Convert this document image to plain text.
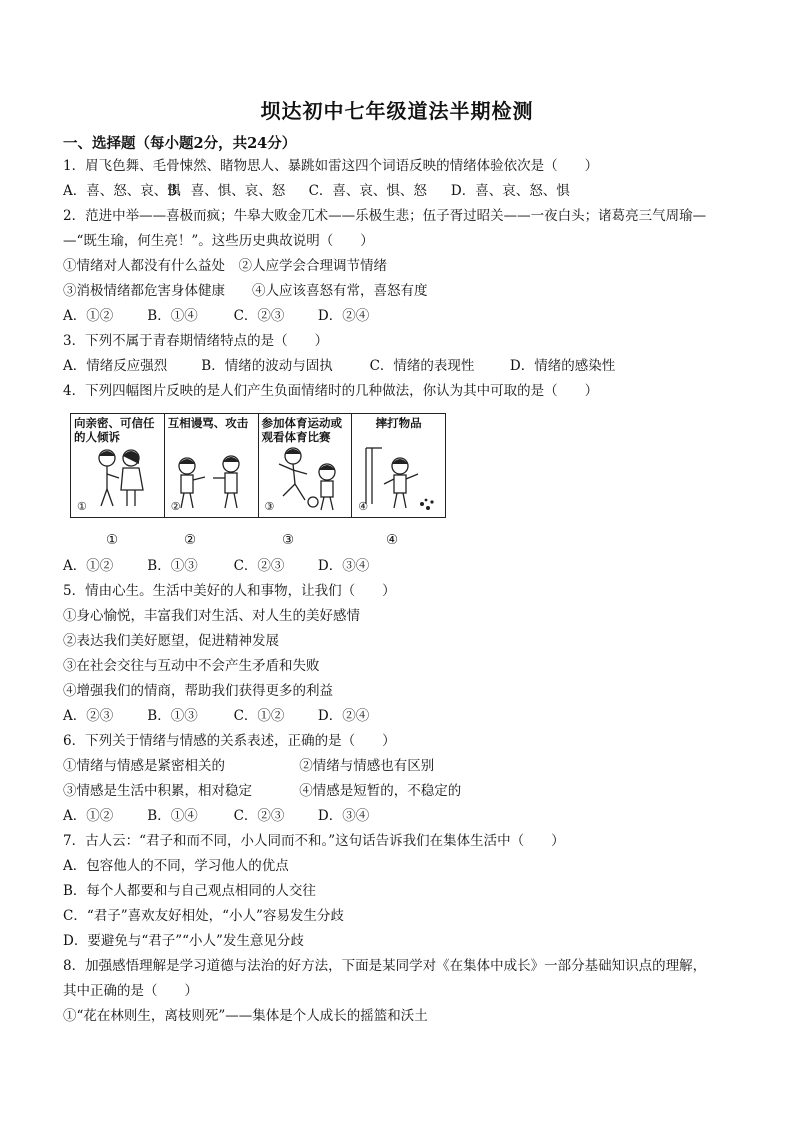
坝达初中七年级道法半期检测
一、选择题（每小题2分，共24分）
1．眉飞色舞、毛骨悚然、睹物思人、暴跳如雷这四个词语反映的情绪体验依次是（　　）
A．喜、怒、哀、惧 B．喜、惧、哀、怒 C．喜、哀、惧、怒 D．喜、哀、怒、惧
2．范进中举——喜极而疯；牛皋大败金兀术——乐极生悲；伍子胥过昭关——一夜白头；诸葛亮三气周瑜—
—“既生瑜，何生亮！”。这些历史典故说明（　　）
①情绪对人都没有什么益处　②人应学会合理调节情绪
③消极情绪都危害身体健康　　④人应该喜怒有常，喜怒有度
A．①②	B．①④	C．②③ D．②④
3．下列不属于青春期情绪特点的是（　　）
A．情绪反应强烈	B．情绪的波动与固执	C．情绪的表现性	D．情绪的感染性
4．下列四幅图片反映的是人们产生负面情绪时的几种做法，你认为其中可取的是（　　）
向亲密、可信任的人倾诉
①
互相谩骂、攻击
②
参加体育运动或观看体育比赛
③
摔打物品
④
①	②	③	④
A．①②	B．①③	C．②③ D．③④
5．情由心生。生活中美好的人和事物，让我们（　　）
①身心愉悦，丰富我们对生活、对人生的美好感情
②表达我们美好愿望，促进精神发展
③在社会交往与互动中不会产生矛盾和失败
④增强我们的情商，帮助我们获得更多的利益
A．②③	B．①③	C．①② D．②④
6．下列关于情绪与情感的关系表述，正确的是（　　）
①情绪与情感是紧密相关的	②情绪与情感也有区别
③情感是生活中积累，相对稳定	④情感是短暂的，不稳定的
A．①②	B．①④	C．②③ D．③④
7．古人云：“君子和而不同，小人同而不和。”这句话告诉我们在集体生活中（　　）
A．包容他人的不同，学习他人的优点
B．每个人都要和与自己观点相同的人交往
C．“君子”喜欢友好相处，“小人”容易发生分歧
D．要避免与“君子”“小人”发生意见分歧
8．加强感悟理解是学习道德与法治的好方法，下面是某同学对《在集体中成长》一部分基础知识点的理解，
其中正确的是（　　）
①“花在林则生，离枝则死”——集体是个人成长的摇篮和沃土
